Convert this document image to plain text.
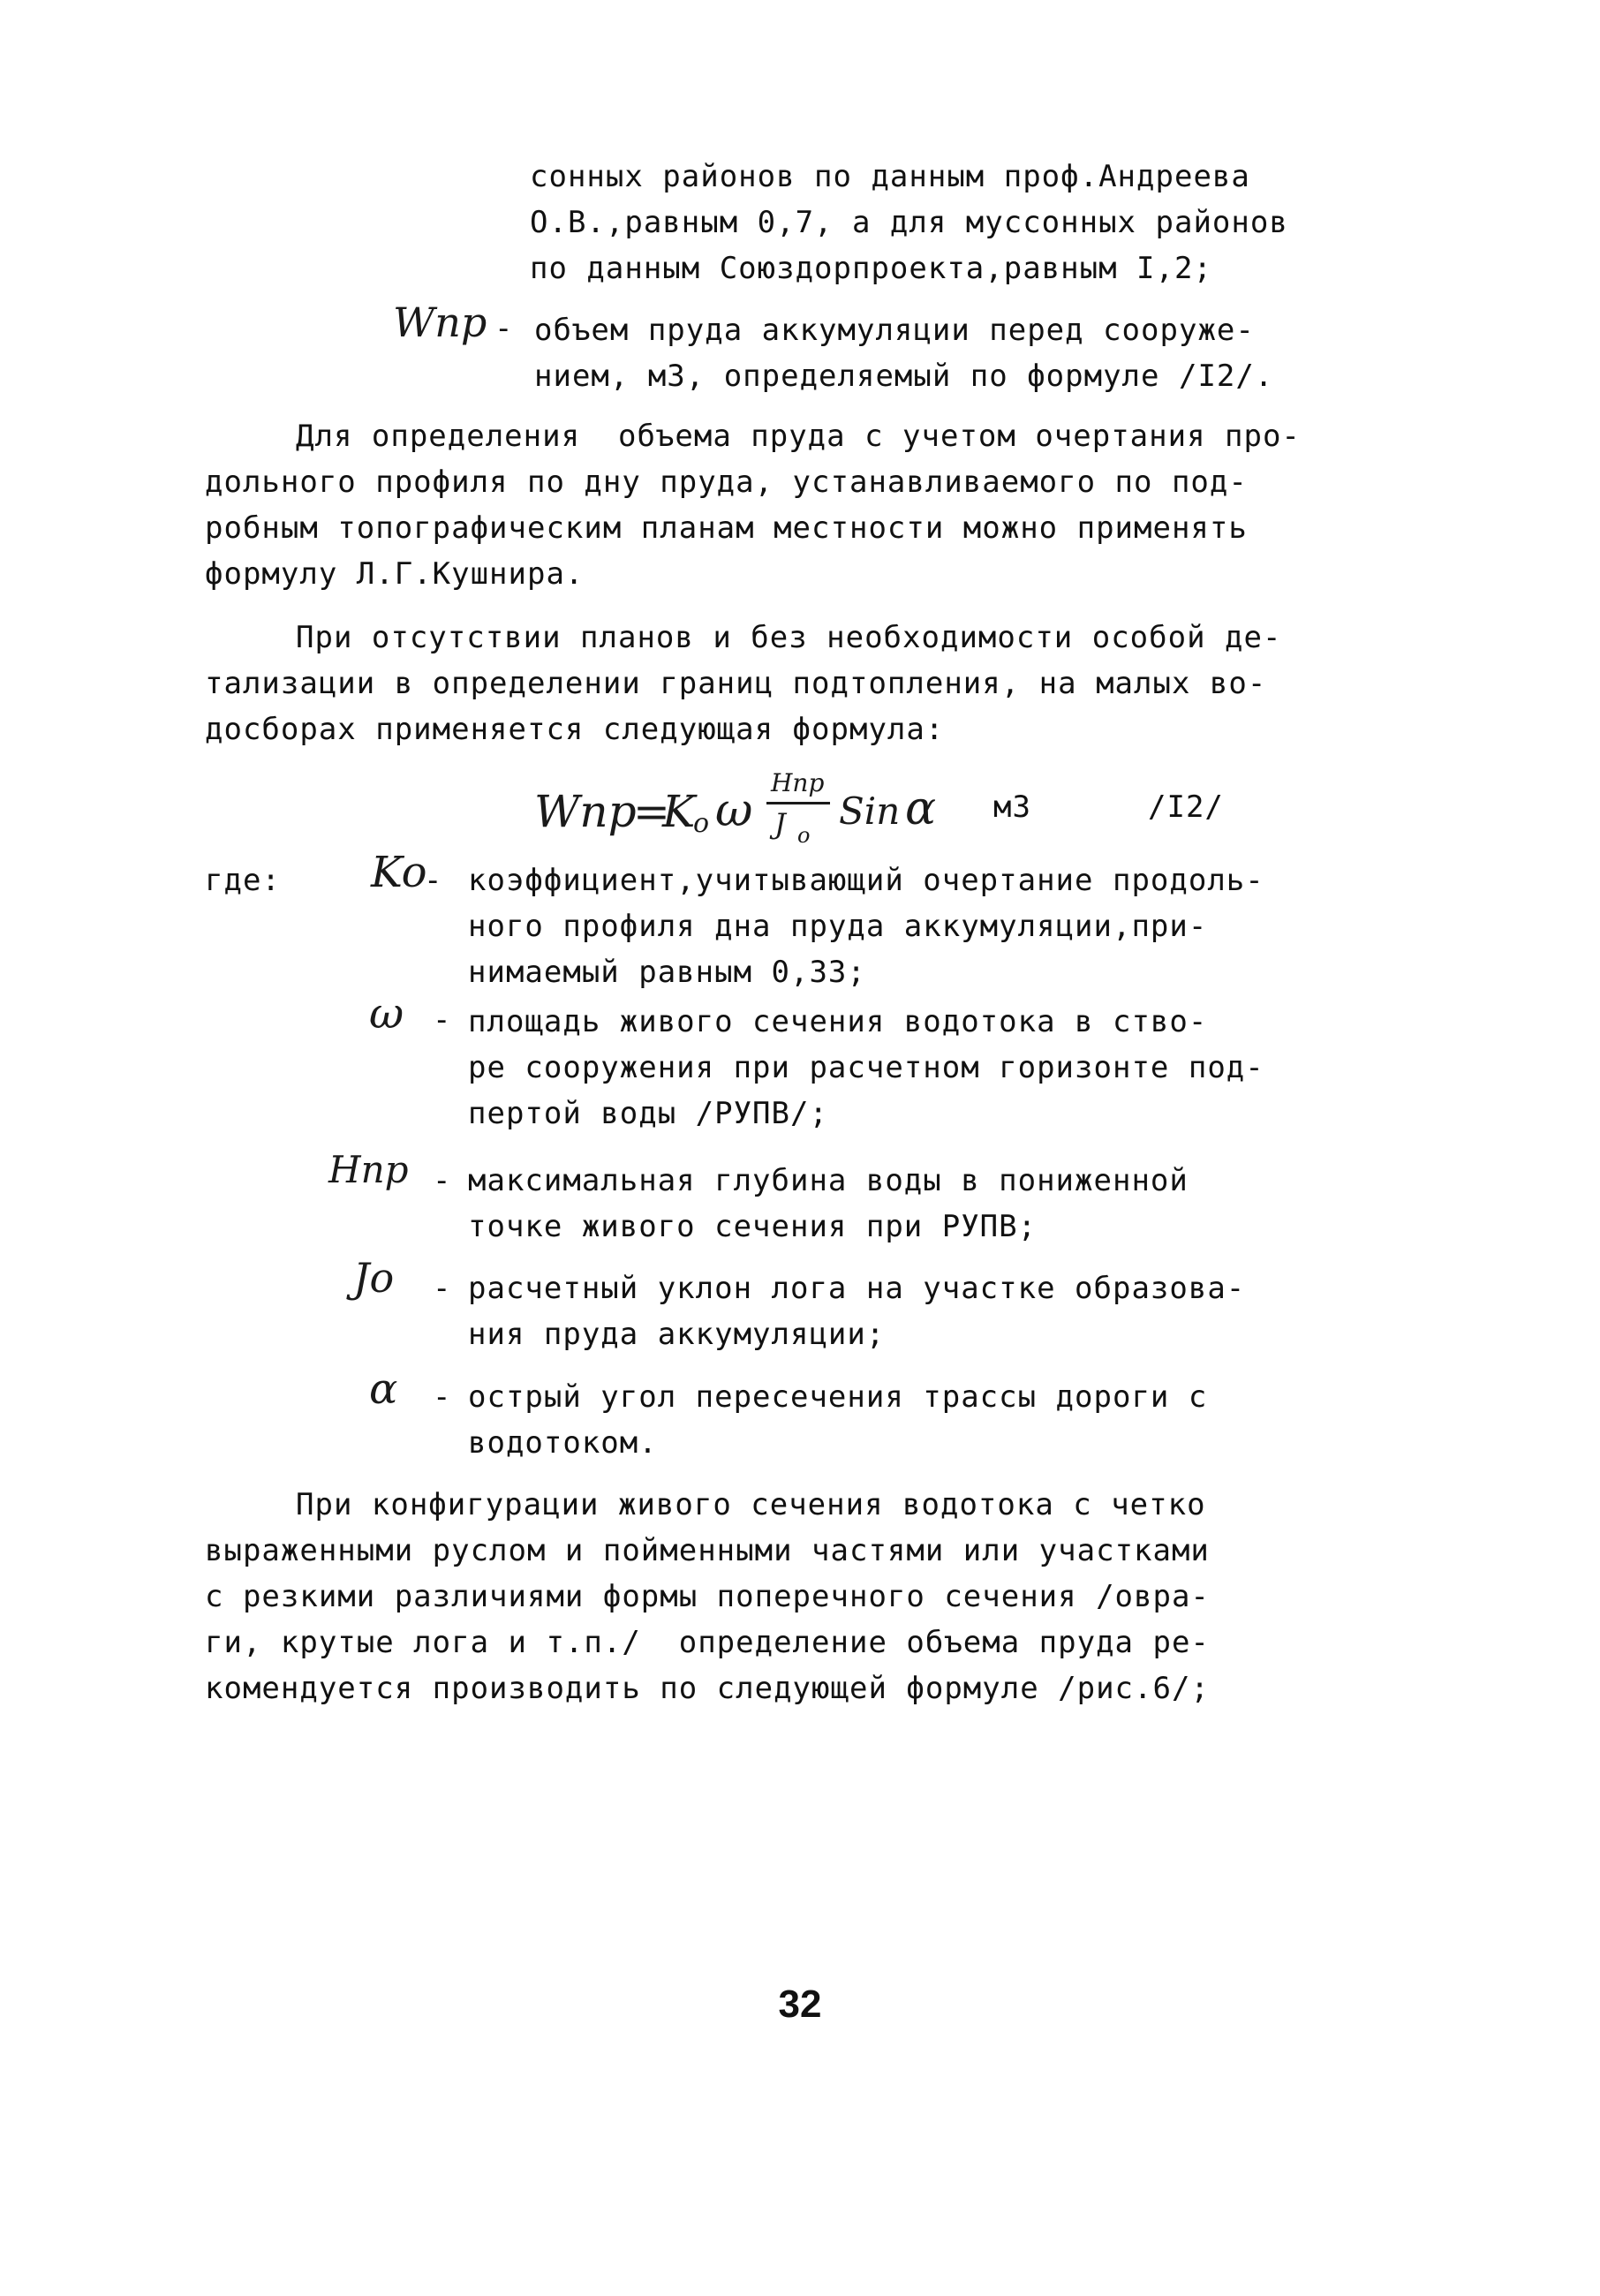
сонных районов по данным проф.Андреева
О.В.,равным 0,7, а для муссонных районов
по данным Союздорпроекта,равным I,2;
Wпр - объем пруда аккумуляции перед сооруже-
нием, м3, определяемый по формуле /I2/.
Для определения  объема пруда с учетом очертания про-
дольного профиля по дну пруда, устанавливаемого по под-
робным топографическим планам местности можно применять
формулу Л.Г.Кушнира.
При отсутствии планов и без необходимости особой де-
тализации в определении границ подтопления, на малых во-
досборах применяется следующая формула:
Wпр
=
K
o ω
Hпр
J o
Sin α м3	/I2/
где: Ko
- коэффициент,учитывающий очертание продоль-
ного профиля дна пруда аккумуляции,при-
нимаемый равным 0,33;
ω - площадь живого сечения водотока в ство-
ре сооружения при расчетном горизонте под-
пертой воды /РУПВ/;
Hпр - максимальная глубина воды в пониженной
точке живого сечения при РУПВ;
Jo - расчетный уклон лога на участке образова-
ния пруда аккумуляции;
α - острый угол пересечения трассы дороги с
водотоком.
При конфигурации живого сечения водотока с четко
выраженными руслом и пойменными частями или участками
с резкими различиями формы поперечного сечения /овра-
ги, крутые лога и т.п./  определение объема пруда ре-
комендуется производить по следующей формуле /рис.6/;
32
